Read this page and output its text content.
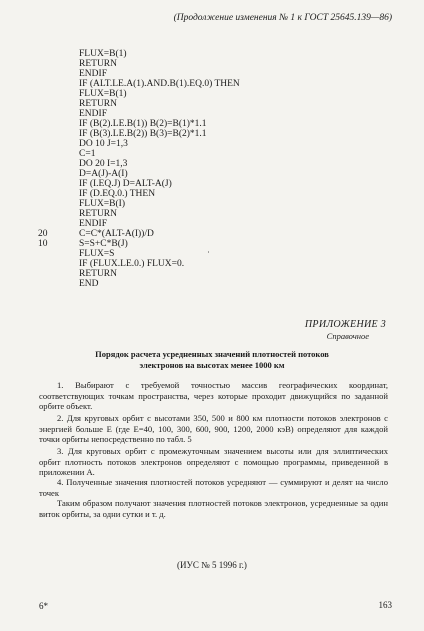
(Продолжение изменения № 1 к ГОСТ 25645.139—86)
FLUX=B(1)
RETURN
ENDIF
IF (ALT.LE.A(1).AND.B(1).EQ.0) THEN
FLUX=B(1)
RETURN
ENDIF
IF (B(2).LE.B(1)) B(2)=B(1)*1.1
IF (B(3).LE.B(2)) B(3)=B(2)*1.1
DO 10 J=1,3
C=1
DO 20 I=1,3
D=A(J)-A(I)
IF (I.EQ.J) D=ALT-A(J)
IF (D.EQ.0.) THEN
FLUX=B(I)
RETURN
ENDIF
20	C=C*(ALT-A(I))/D
10	S=S+C*B(J)
FLUX=S
IF (FLUX.LE.0.) FLUX=0.
RETURN
END
ʾ
ПРИЛОЖЕНИЕ 3
Справочное
Порядок расчета усредненных значений плотностей потоков
электронов на высотах менее 1000 км
1. Выбирают с требуемой точностью массив географических координат, соответствующих точкам пространства, через которые проходит движущийся по заданной орбите объект.
2. Для круговых орбит с высотами 350, 500 и 800 км плотности потоков электронов с энергией больше E (где E=40, 100, 300, 600, 900, 1200, 2000 кэВ) определяют для каждой точки орбиты непосредственно по табл. 5
3. Для круговых орбит с промежуточным значением высоты или для эллиптических орбит плотность потоков электронов определяют с помощью программы, приведенной в приложении А.
4. Полученные значения плотностей потоков усредняют — суммируют и делят на число точек
Таким образом получают значения плотностей потоков электронов, усредненные за один виток орбиты, за одни сутки и т. д.
(ИУС № 5 1996 г.)
6*	163
